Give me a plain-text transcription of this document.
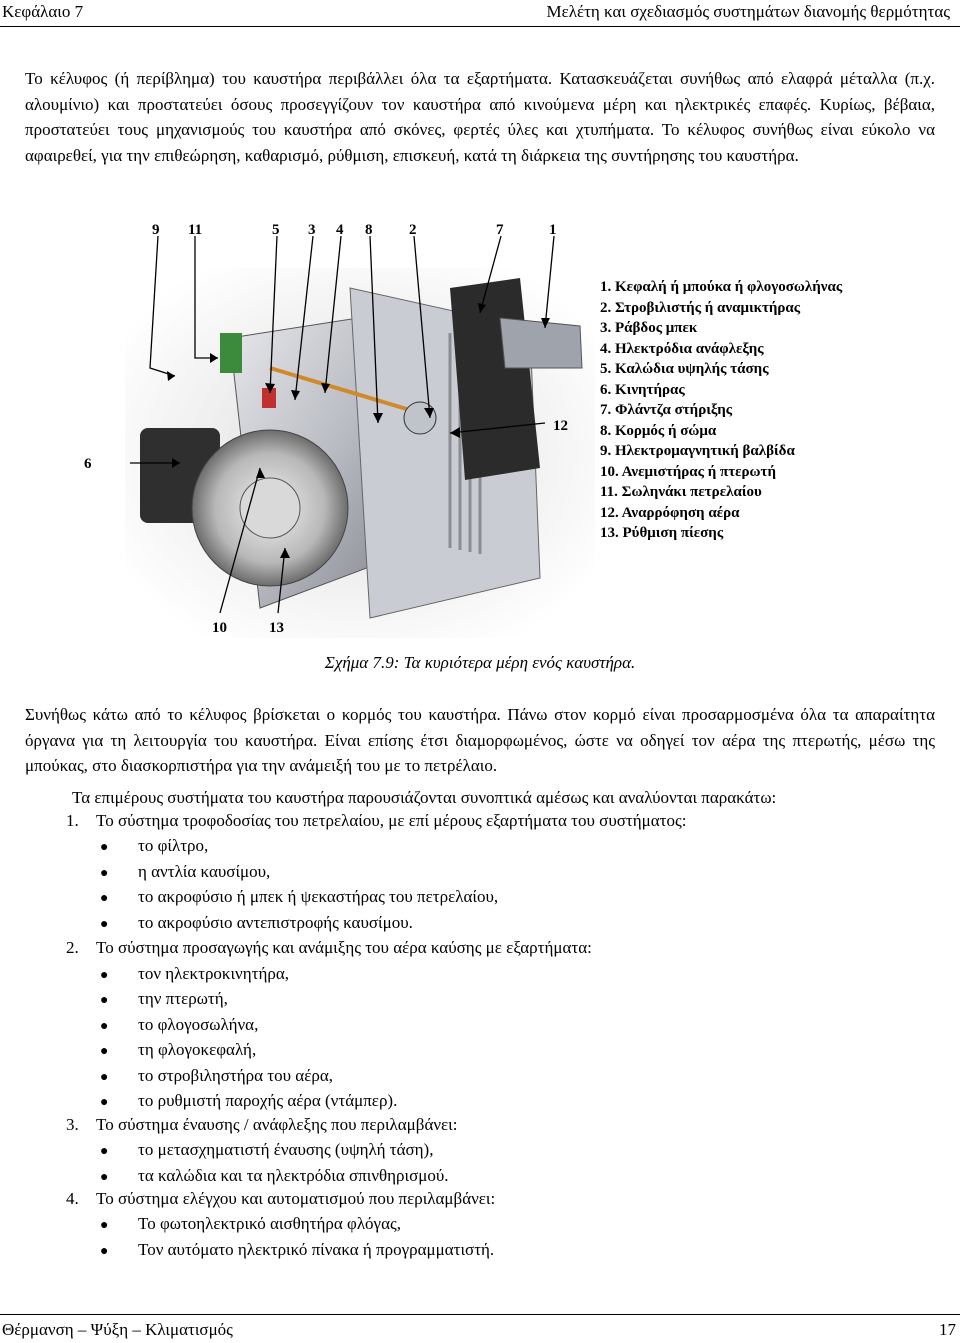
Κεφάλαιο 7	Μελέτη και σχεδιασμός συστημάτων διανομής θερμότητας
Το κέλυφος (ή περίβλημα) του καυστήρα περιβάλλει όλα τα εξαρτήματα. Κατασκευάζεται συνήθως από ελαφρά μέταλλα (π.χ. αλουμίνιο) και προστατεύει όσους προσεγγίζουν τον καυστήρα από κινούμενα μέρη και ηλεκτρικές επαφές. Κυρίως, βέβαια, προστατεύει τους μηχανισμούς του καυστήρα από σκόνες, φερτές ύλες και χτυπήματα. Το κέλυφος συνήθως είναι εύκολο να αφαιρεθεί, για την επιθεώρηση, καθαρισμό, ρύθμιση, επισκευή, κατά τη διάρκεια της συντήρησης του καυστήρα.
9 11	5 3 4 8 2	7	1
12
6
10	13
1. Κεφαλή ή μπούκα ή φλογοσωλήνας
2. Στροβιλιστής ή αναμικτήρας
3. Ράβδος μπεκ
4. Ηλεκτρόδια ανάφλεξης
5. Καλώδια υψηλής τάσης
6. Κινητήρας
7. Φλάντζα στήριξης
8. Κορμός ή σώμα
9. Ηλεκτρομαγνητική βαλβίδα
10. Ανεμιστήρας ή πτερωτή
11. Σωληνάκι πετρελαίου
12. Αναρρόφηση αέρα
13. Ρύθμιση πίεσης
Σχήμα 7.9: Τα κυριότερα μέρη ενός καυστήρα.
Συνήθως κάτω από το κέλυφος βρίσκεται ο κορμός του καυστήρα. Πάνω στον κορμό είναι προσαρμοσμένα όλα τα απαραίτητα όργανα για τη λειτουργία του καυστήρα. Είναι επίσης έτσι διαμορφωμένος, ώστε να οδηγεί τον αέρα της πτερωτής, μέσω της μπούκας, στο διασκορπιστήρα για την ανάμειξή του με το πετρέλαιο.
Τα επιμέρους συστήματα του καυστήρα παρουσιάζονται συνοπτικά αμέσως και αναλύονται παρακάτω:
1. Το σύστημα τροφοδοσίας του πετρελαίου, με επί μέρους εξαρτήματα του συστήματος:
● το φίλτρο,
● η αντλία καυσίμου,
● το ακροφύσιο ή μπεκ ή ψεκαστήρας του πετρελαίου,
● το ακροφύσιο αντεπιστροφής καυσίμου.
2. Το σύστημα προσαγωγής και ανάμιξης του αέρα καύσης με εξαρτήματα:
● τον ηλεκτροκινητήρα,
● την πτερωτή,
● το φλογοσωλήνα,
● τη φλογοκεφαλή,
● το στροβιληστήρα του αέρα,
● το ρυθμιστή παροχής αέρα (ντάμπερ).
3. Το σύστημα έναυσης / ανάφλεξης που περιλαμβάνει:
● το μετασχηματιστή έναυσης (υψηλή τάση),
● τα καλώδια και τα ηλεκτρόδια σπινθηρισμού.
4. Το σύστημα ελέγχου και αυτοματισμού που περιλαμβάνει:
● Το φωτοηλεκτρικό αισθητήρα φλόγας,
● Τον αυτόματο ηλεκτρικό πίνακα ή προγραμματιστή.
Θέρμανση – Ψύξη – Κλιματισμός	17
